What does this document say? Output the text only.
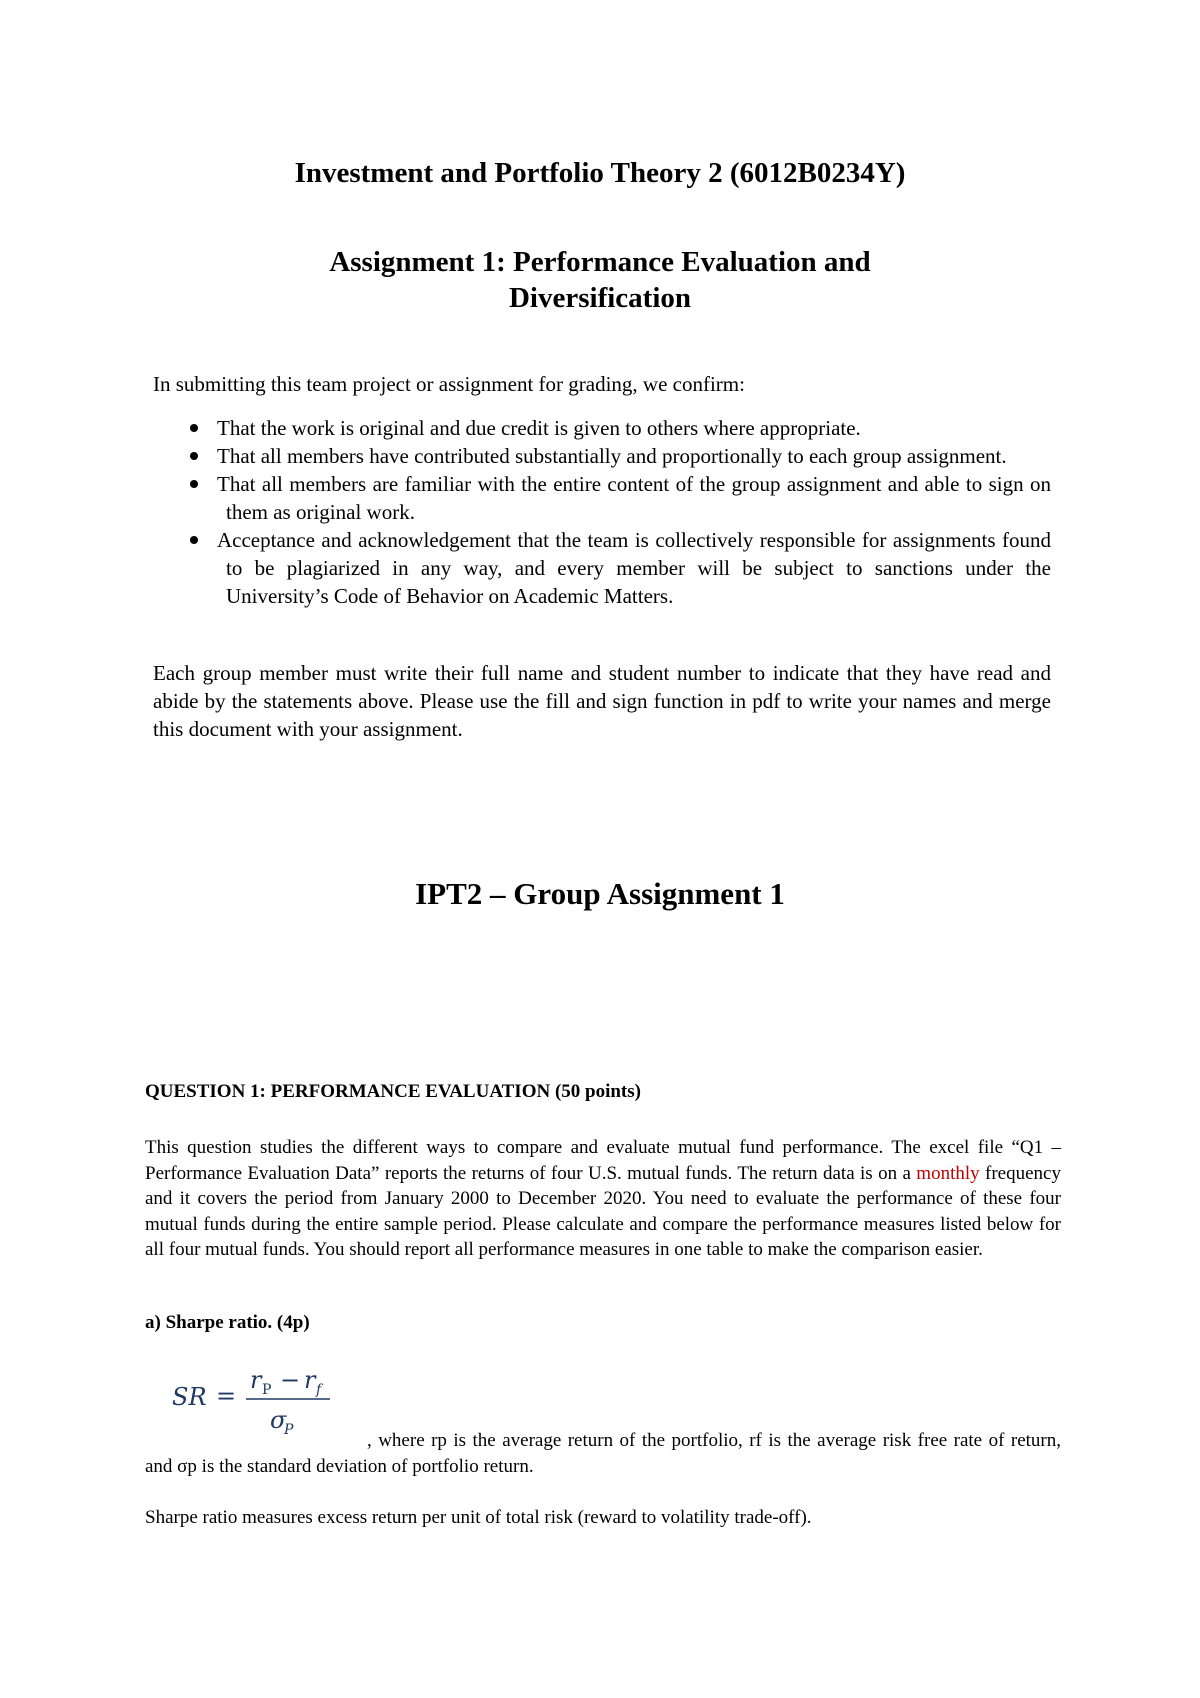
Investment and Portfolio Theory 2 (6012B0234Y)
Assignment 1: Performance Evaluation and
Diversification

In submitting this team project or assignment for grading, we confirm:

That the work is original and due credit is given to others where appropriate.
That all members have contributed substantially and proportionally to each group assignment.
That all members are familiar with the entire content of the group assignment and able to sign on them as original work.
Acceptance and acknowledgement that the team is collectively responsible for assignments found to be plagiarized in any way, and every member will be subject to sanctions under the University’s Code of Behavior on Academic Matters.

Each group member must write their full name and student number to indicate that they have read and abide by the statements above. Please use the fill and sign function in pdf to write your names and merge this document with your assignment.

IPT2 – Group Assignment 1

QUESTION 1: PERFORMANCE EVALUATION (50 points)

This question studies the different ways to compare and evaluate mutual fund performance. The excel file “Q1 – Performance Evaluation Data” reports the returns of four U.S. mutual funds. The return data is on a monthly frequency and it covers the period from January 2000 to December 2020. You need to evaluate the performance of these four mutual funds during the entire sample period. Please calculate and compare the performance measures listed below for all four mutual funds. You should report all performance measures in one table to make the comparison easier.

a) Sharpe ratio. (4p)

SR =
r P − r f
σ
P	, where rp is the average return of the portfolio, rf is the average risk free rate of return, and σp is the standard deviation of portfolio return.

Sharpe ratio measures excess return per unit of total risk (reward to volatility trade-off).
